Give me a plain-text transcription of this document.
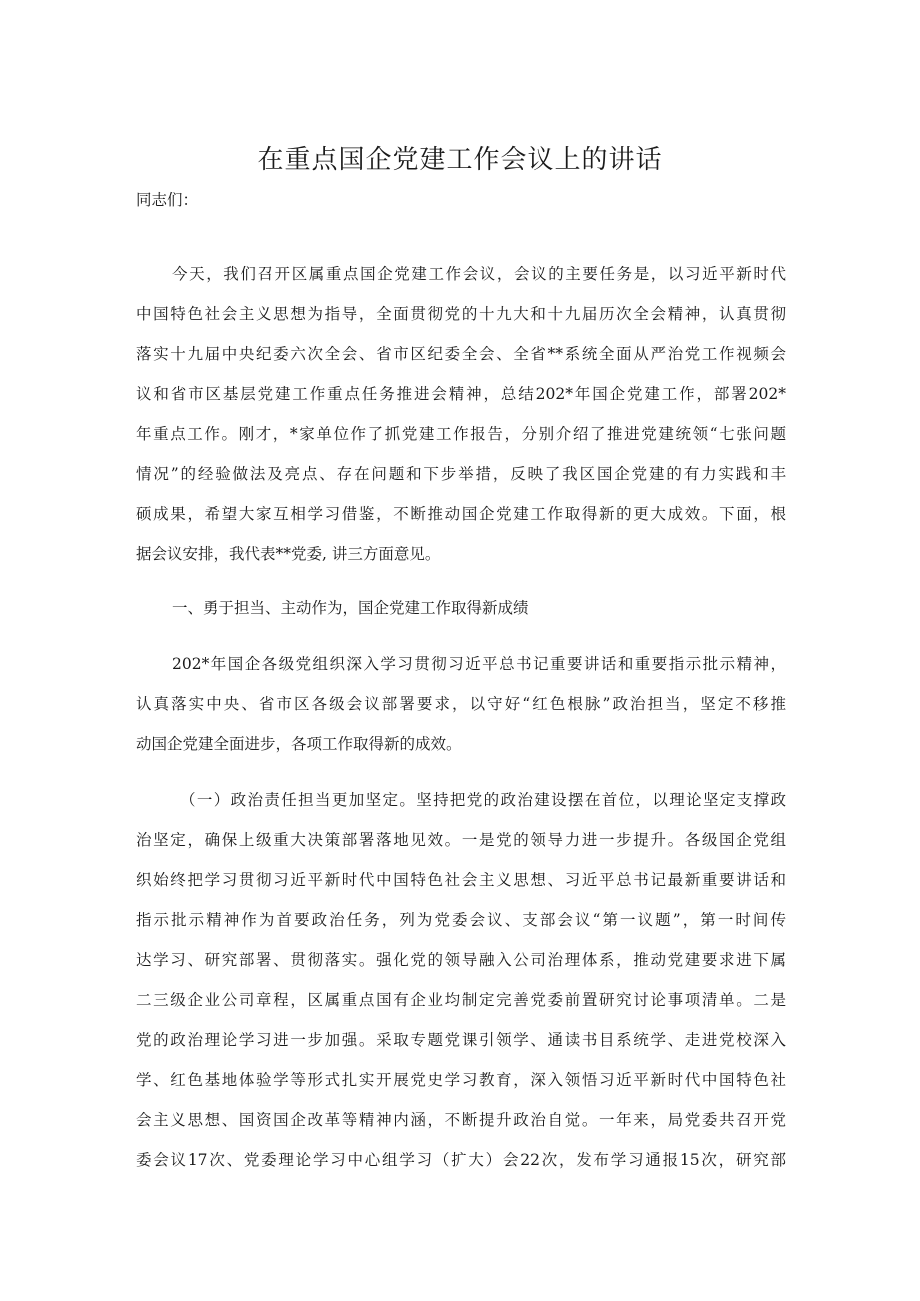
在重点国企党建工作会议上的讲话
同志们：
今天，我们召开区属重点国企党建工作会议，会议的主要任务是，以习近平新时代
中国特色社会主义思想为指导，全面贯彻党的十九大和十九届历次全会精神，认真贯彻
落实十九届中央纪委六次全会、省市区纪委全会、全省**系统全面从严治党工作视频会
议和省市区基层党建工作重点任务推进会精神，总结202*年国企党建工作，部署202*
年重点工作。刚才，*家单位作了抓党建工作报告，分别介绍了推进党建统领“七张问题
情况”的经验做法及亮点、存在问题和下步举措，反映了我区国企党建的有力实践和丰
硕成果，希望大家互相学习借鉴，不断推动国企党建工作取得新的更大成效。下面，根
据会议安排，我代表**党委, 讲三方面意见。
一、勇于担当、主动作为，国企党建工作取得新成绩
202*年国企各级党组织深入学习贯彻习近平总书记重要讲话和重要指示批示精神，
认真落实中央、省市区各级会议部署要求，以守好“红色根脉”政治担当，坚定不移推
动国企党建全面进步，各项工作取得新的成效。
（一）政治责任担当更加坚定。坚持把党的政治建设摆在首位，以理论坚定支撑政
治坚定，确保上级重大决策部署落地见效。一是党的领导力进一步提升。各级国企党组
织始终把学习贯彻习近平新时代中国特色社会主义思想、习近平总书记最新重要讲话和
指示批示精神作为首要政治任务，列为党委会议、支部会议“第一议题”，第一时间传
达学习、研究部署、贯彻落实。强化党的领导融入公司治理体系，推动党建要求进下属
二三级企业公司章程，区属重点国有企业均制定完善党委前置研究讨论事项清单。二是
党的政治理论学习进一步加强。采取专题党课引领学、通读书目系统学、走进党校深入
学、红色基地体验学等形式扎实开展党史学习教育，深入领悟习近平新时代中国特色社
会主义思想、国资国企改革等精神内涵，不断提升政治自觉。一年来，局党委共召开党
委会议17次、党委理论学习中心组学习（扩大）会22次，发布学习通报15次，研究部
